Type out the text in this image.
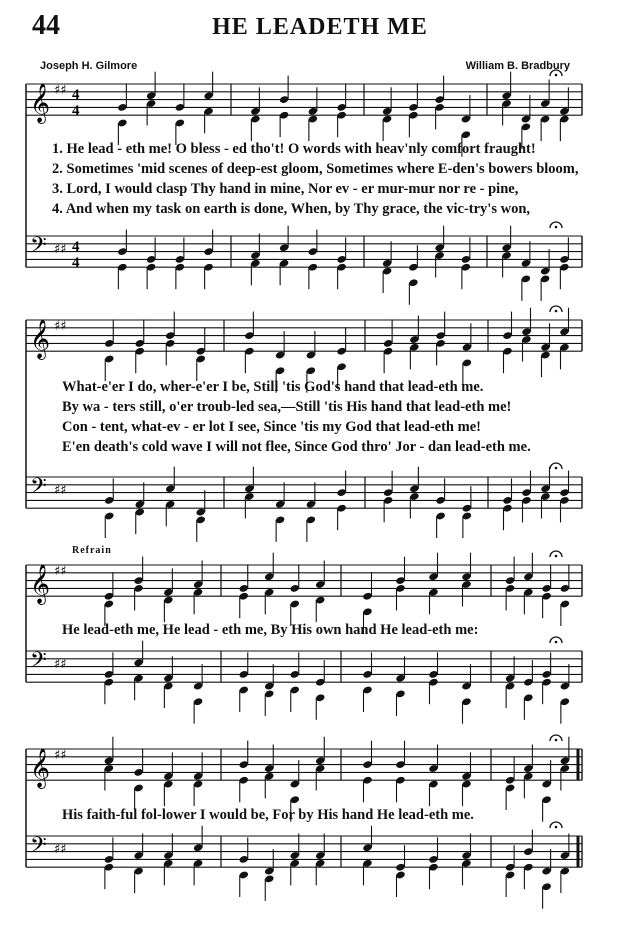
44	HE LEADETH ME
Joseph H. Gilmore	William B. Bradbury
1. He lead - eth me! O bless - ed tho't! O words with heav'nly comfort fraught!
2. Sometimes 'mid scenes of deep-est gloom, Sometimes where E-den's bowers bloom,
3. Lord, I would clasp Thy hand in mine, Nor ev - er mur-mur nor re - pine,
4. And when my task on earth is done, When, by Thy grace, the vic-try's won,
What-e'er I do, wher-e'er I be, Still 'tis God's hand that lead-eth me.
By wa - ters still, o'er troub-led sea,—Still 'tis His hand that lead-eth me!
Con - tent, what-ev - er lot I see, Since 'tis my God that lead-eth me!
E'en death's cold wave I will not flee, Since God thro' Jor - dan lead-eth me.
Refrain
He lead-eth me, He lead - eth me, By His own hand He lead-eth me:
His faith-ful fol-lower I would be, For by His hand He lead-eth me.
𝄞 ♯♯ 4
4
𝄢 ♯♯ 4
4
𝄞 ♯♯
𝄢 ♯♯
𝄞 ♯♯
𝄢 ♯♯
𝄞 ♯♯
𝄢 ♯♯
